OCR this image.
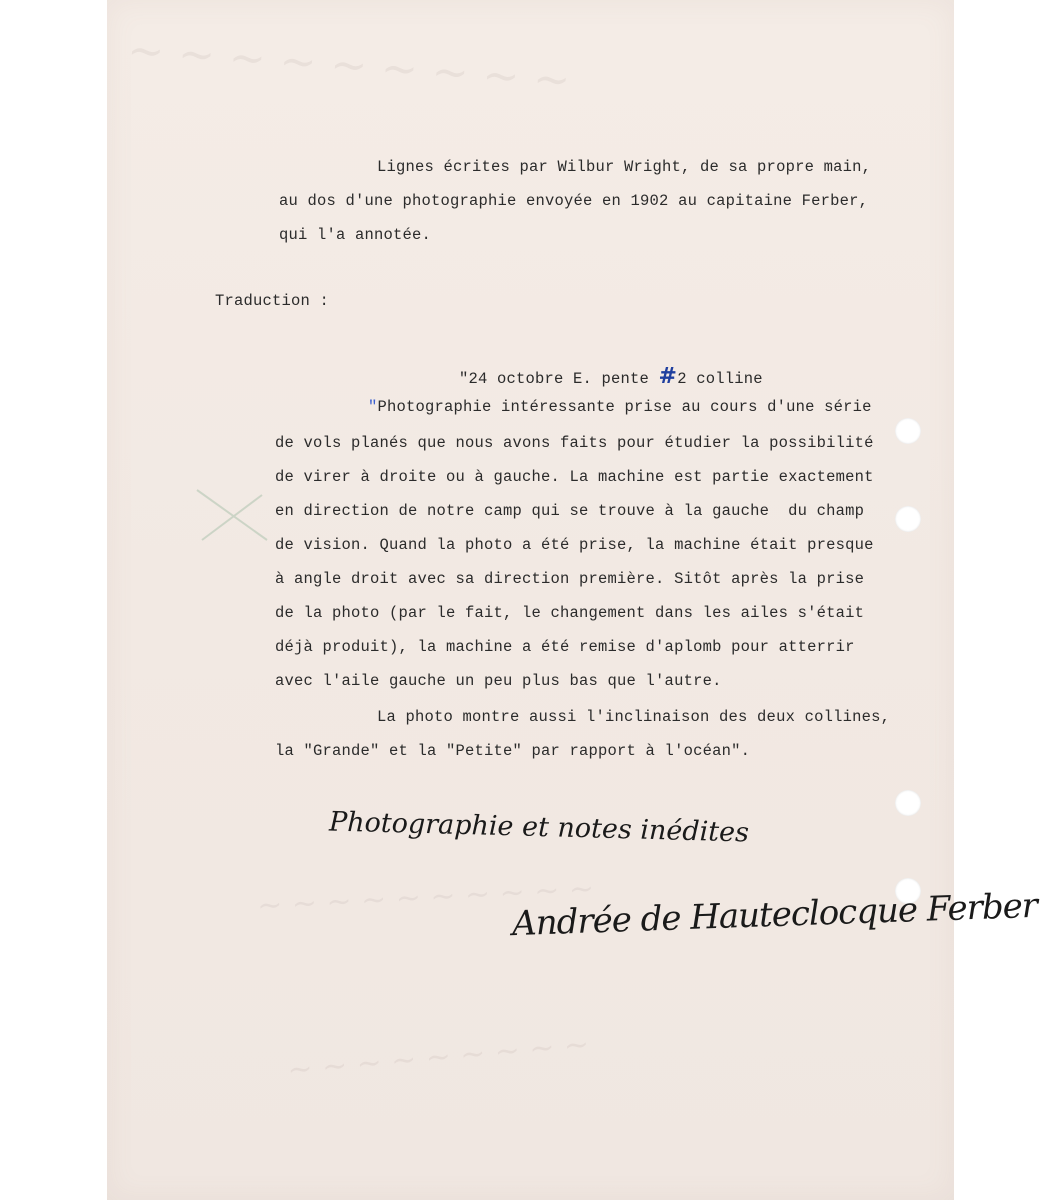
~ ~ ~ ~ ~ ~ ~ ~ ~
~ ~ ~ ~ ~ ~ ~ ~ ~ ~
~ ~ ~ ~ ~ ~ ~ ~ ~
Lignes écrites par Wilbur Wright, de sa propre main,
au dos d'une photographie envoyée en 1902 au capitaine Ferber,
qui l'a annotée.
Traduction :
"24 octobre E. pente #2 colline
"Photographie intéressante prise au cours d'une série
de vols planés que nous avons faits pour étudier la possibilité
de virer à droite ou à gauche. La machine est partie exactement
en direction de notre camp qui se trouve à la gauche  du champ
de vision. Quand la photo a été prise, la machine était presque
à angle droit avec sa direction première. Sitôt après la prise
de la photo (par le fait, le changement dans les ailes s'était
déjà produit), la machine a été remise d'aplomb pour atterrir
avec l'aile gauche un peu plus bas que l'autre.
La photo montre aussi l'inclinaison des deux collines,
la "Grande" et la "Petite" par rapport à l'océan".
Photographie et notes inédites
Andrée de Hauteclocque Ferber
